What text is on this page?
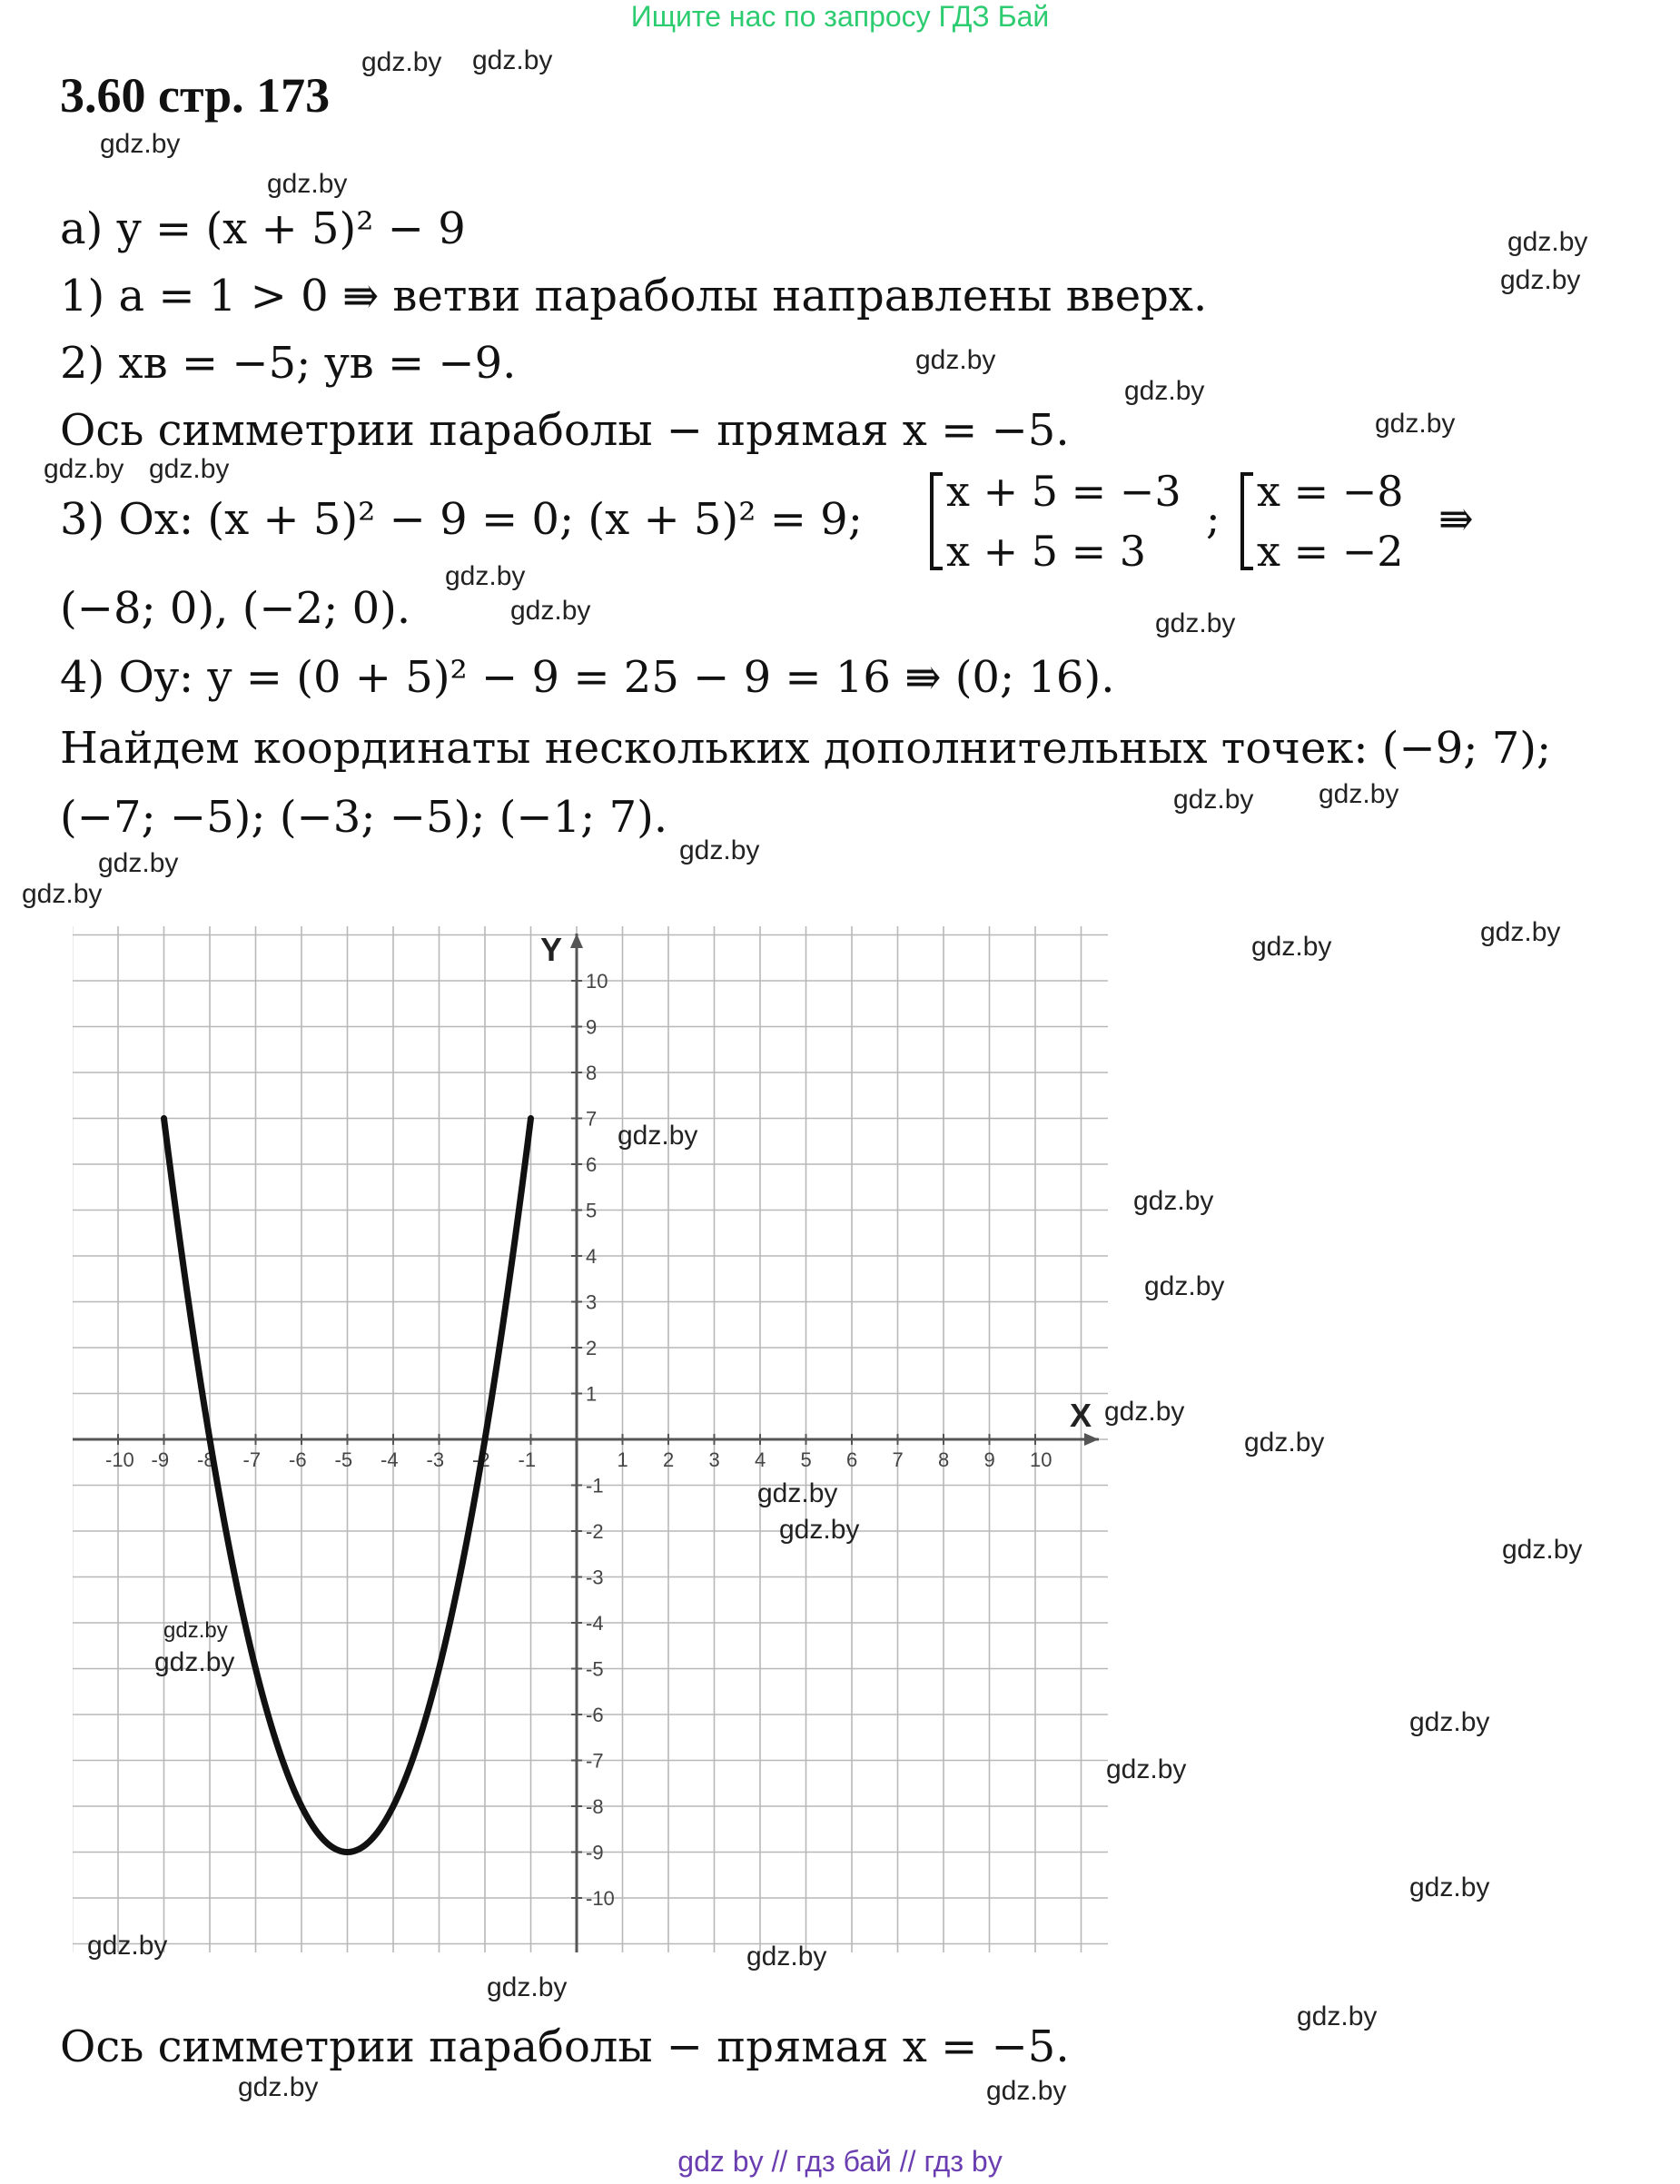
Ищите нас по запросу ГДЗ Бай
3.60 стр. 173
a) y = (x + 5)² − 9
1) a = 1 > 0 ⇛ ветви параболы направлены вверх.
2) xв = −5; yв = −9.
Ось симметрии параболы − прямая x = −5.
3) Ox: (x + 5)² − 9 = 0; (x + 5)² = 9;
x + 5 = −3
x + 5 = 3
;
x = −8
x = −2
⇛
(−8; 0), (−2; 0).
4) Oy: y = (0 + 5)² − 9 = 25 − 9 = 16 ⇛ (0; 16).
Найдем координаты нескольких дополнительных точек: (−9; 7);
(−7; −5); (−3; −5); (−1; 7).
X
Y
-10 -9 -8 -7 -6 -5 -4 -3 -2 -1	1 2 3 4 5 6 7 8 9 10
-10
-9
-8
-7
-6
-5
-4
-3
-2
-1
1
2
3
4
5
6
7
8
9
10
Ось симметрии параболы − прямая x = −5.
gdz.by gdz.by
gdz.by
gdz.by
gdz.by
gdz.by
gdz.by
gdz.by
gdz.by
gdz.by gdz.by
gdz.by
gdz.by	gdz.by
gdz.by gdz.by
gdz.by	gdz.by
gdz.by
gdz.by	gdz.by
gdz.by
gdz.by
gdz.by
gdz.by
gdz.by
gdz.by
gdz.by
gdz.by
gdz.by
gdz.by
gdz.by
gdz.by
gdz.by
gdz.by	gdz.by
gdz.by
gdz.by
gdz.by	gdz.by
gdz by // гдз бай // гдз by
